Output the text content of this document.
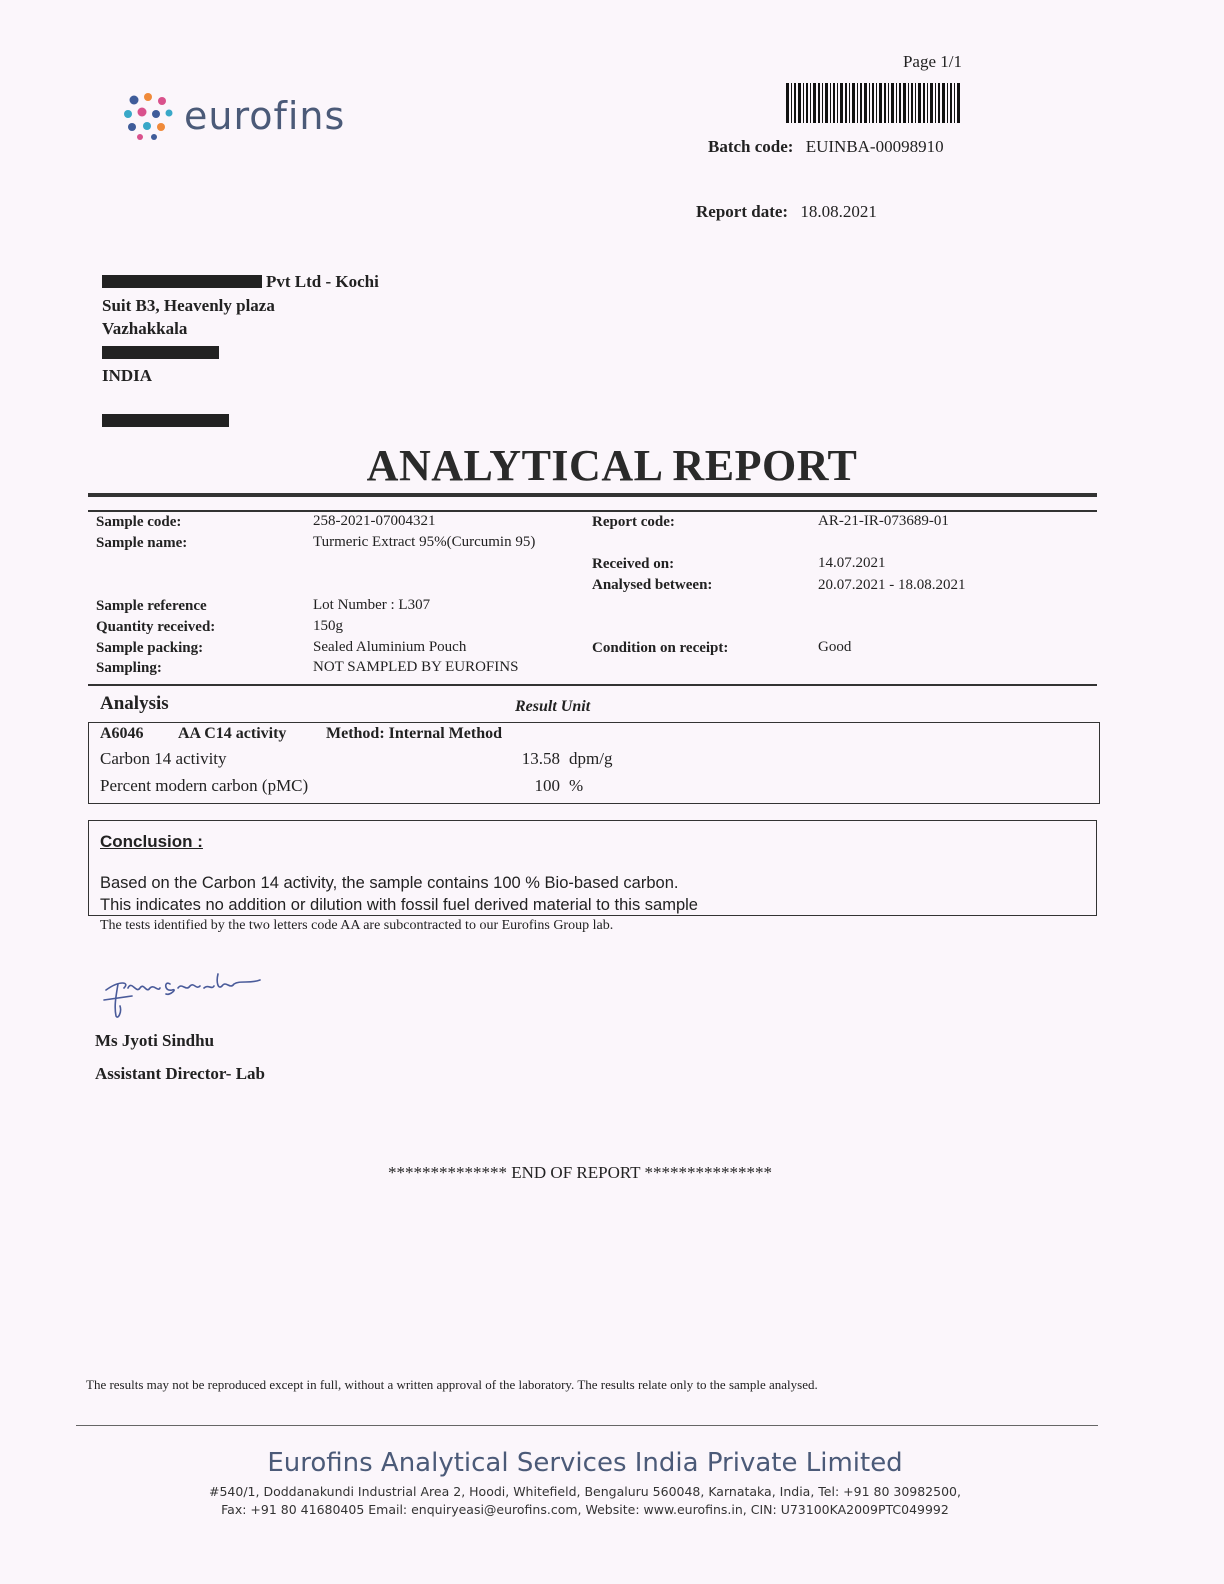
eurofins
Page 1/1
Batch code: EUINBA-00098910
Report date: 18.08.2021
Pvt Ltd - Kochi
Suit B3, Heavenly plaza
Vazhakkala
INDIA
ANALYTICAL REPORT
Sample code:	258-2021-07004321
Sample name:	Turmeric Extract 95%(Curcumin 95)
Report code:	AR-21-IR-073689-01
Received on:	14.07.2021
Analysed between:	20.07.2021 - 18.08.2021
Sample reference	Lot Number : L307
Quantity received:	150g
Sample packing:	Sealed Aluminium Pouch	Condition on receipt:	Good
Sampling:	NOT SAMPLED BY EUROFINS
Analysis	Result Unit
A6046 AA C14 activity Method: Internal Method
Carbon 14 activity	13.58 dpm/g
Percent modern carbon (pMC)	100 %
Conclusion :
Based on the Carbon 14 activity, the sample contains 100 % Bio-based carbon.
This indicates no addition or dilution with fossil fuel derived material to this sample
The tests identified by the two letters code AA are subcontracted to our Eurofins Group lab.
Ms Jyoti Sindhu
Assistant Director- Lab
************** END OF REPORT ***************
The results may not be reproduced except in full, without a written approval of the laboratory. The results relate only to the sample analysed.
Eurofins Analytical Services India Private Limited
#540/1, Doddanakundi Industrial Area 2, Hoodi, Whitefield, Bengaluru 560048, Karnataka, India, Tel: +91 80 30982500,
Fax: +91 80 41680405 Email: enquiryeasi@eurofins.com, Website: www.eurofins.in, CIN: U73100KA2009PTC049992
